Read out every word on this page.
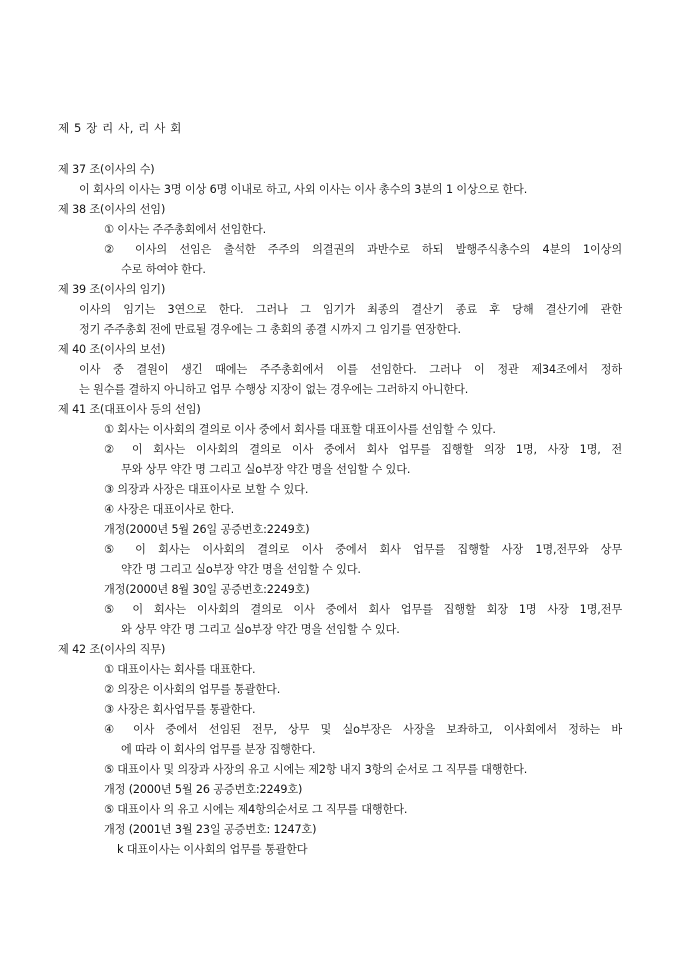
제 5 장 리 사, 리 사 회
제 37 조(이사의 수)
이 회사의 이사는 3명 이상 6명 이내로 하고, 사외 이사는 이사 총수의 3분의 1 이상으로 한다.
제 38 조(이사의 선임)
① 이사는 주주총회에서 선임한다.
② 이사의 선임은 출석한 주주의 의결권의 과반수로 하되 발행주식총수의 4분의 1이상의
수로 하여야 한다.
제 39 조(이사의 임기)
이사의 임기는 3연으로 한다. 그러나 그 임기가 최종의 결산기 종료 후 당해 결산기에 관한
정기 주주총회 전에 만료될 경우에는 그 총회의 종결 시까지 그 임기를 연장한다.
제 40 조(이사의 보선)
이사 중 결원이 생긴 때에는 주주총회에서 이를 선임한다. 그러나 이 정관 제34조에서 정하
는 원수를 결하지 아니하고 업무 수행상 지장이 없는 경우에는 그러하지 아니한다.
제 41 조(대표이사 등의 선임)
① 회사는 이사회의 결의로 이사 중에서 회사를 대표할 대표이사를 선임할 수 있다.
② 이 회사는 이사회의 결의로 이사 중에서 회사 업무를 집행할 의장 1명, 사장 1명, 전
무와 상무 약간 명 그리고 실o부장 약간 명을 선임할 수 있다.
③ 의장과 사장은 대표이사로 보할 수 있다.
④ 사장은 대표이사로 한다.
개정(2000년 5월 26일 공증번호:2249호)
⑤ 이 회사는 이사회의 결의로 이사 중에서 회사 업무를 집행할 사장 1명,전무와 상무
약간 명 그리고 실o부장 약간 명을 선임할 수 있다.
개정(2000년 8월 30일 공증번호:2249호)
⑤ 이 회사는 이사회의 결의로 이사 중에서 회사 업무를 집행할 회장 1명 사장 1명,전무
와 상무 약간 명 그리고 실o부장 약간 명을 선임할 수 있다.
제 42 조(이사의 직무)
① 대표이사는 회사를 대표한다.
② 의장은 이사회의 업무를 통괄한다.
③ 사장은 회사업무를 통괄한다.
④ 이사 중에서 선임된 전무, 상무 및 실o부장은 사장을 보좌하고, 이사회에서 정하는 바
에 따라 이 회사의 업무를 분장 집행한다.
⑤ 대표이사 및 의장과 사장의 유고 시에는 제2항 내지 3항의 순서로 그 직무를 대행한다.
개정 (2000년 5월 26 공증번호:2249호)
⑤ 대표이사 의 유고 시에는 제4항의순서로 그 직무를 대행한다.
개정 (2001년 3월 23일 공증번호: 1247호)
k 대표이사는 이사회의 업무를 통괄한다
